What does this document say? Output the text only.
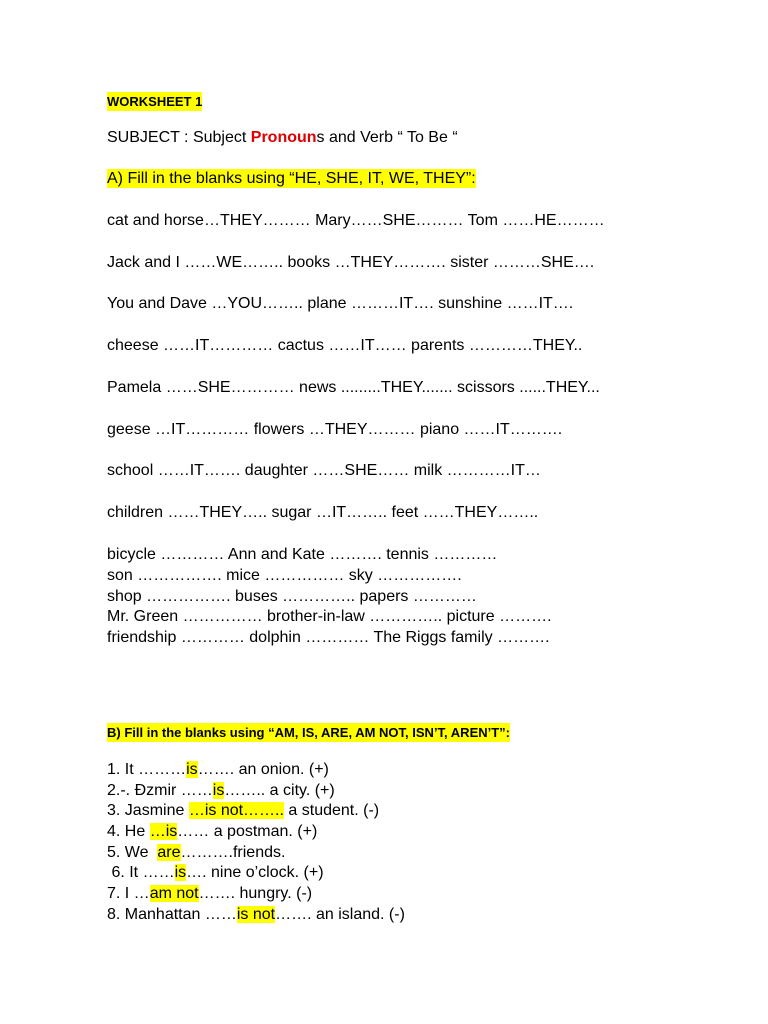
WORKSHEET 1
SUBJECT : Subject Pronouns and Verb “ To Be “
A) Fill in the blanks using “HE, SHE, IT, WE, THEY”:
cat and horse…THEY……… Mary……SHE……… Tom ……HE………
Jack and I ……WE…….. books …THEY………. sister ………SHE….
You and Dave …YOU…….. plane ………IT…. sunshine ……IT….
cheese ……IT………… cactus ……IT…… parents …………THEY..
Pamela ……SHE………… news .........THEY....... scissors ......THEY...
geese …IT………… flowers …THEY……… piano ……IT……….
school ……IT……. daughter ……SHE…… milk …………IT…
children ……THEY….. sugar …IT…….. feet ……THEY……..
bicycle ………… Ann and Kate ………. tennis …………
son ……………. mice …………… sky …………….
shop ……………. buses ………….. papers …………
Mr. Green …………… brother-in-law ………….. picture ……….
friendship ………… dolphin ………… The Riggs family ……….
B) Fill in the blanks using “AM, IS, ARE, AM NOT, ISN’T, AREN’T”:
1. It ………is……. an onion. (+)
2.-. Đzmir ……is…….. a city. (+)
3. Jasmine …is not…….. a student. (-)
4. He …is…… a postman. (+)
5. We  are……….friends.
6. It ……is…. nine o’clock. (+)
7. I …am not……. hungry. (-)
8. Manhattan ……is not……. an island. (-)
